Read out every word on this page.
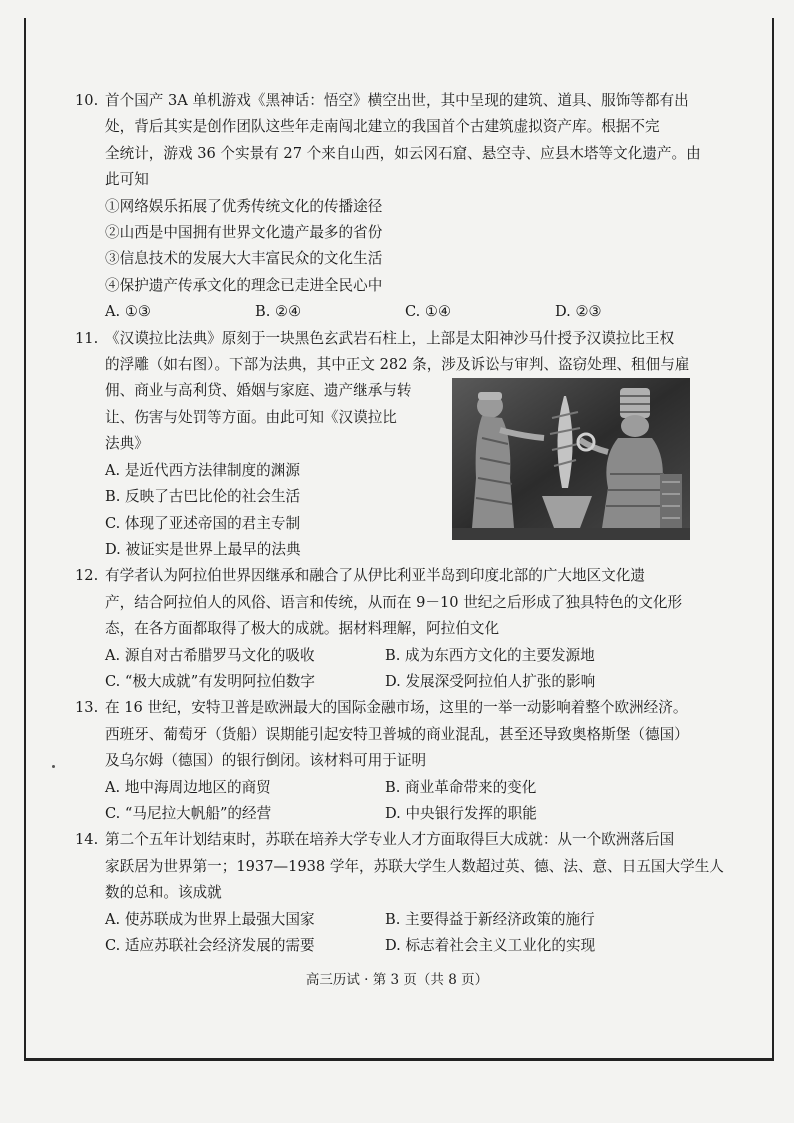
10. 首个国产 3A 单机游戏《黑神话：悟空》横空出世，其中呈现的建筑、道具、服饰等都有出
处，背后其实是创作团队这些年走南闯北建立的我国首个古建筑虚拟资产库。根据不完
全统计，游戏 36 个实景有 27 个来自山西，如云冈石窟、悬空寺、应县木塔等文化遗产。由
此可知
①网络娱乐拓展了优秀传统文化的传播途径
②山西是中国拥有世界文化遗产最多的省份
③信息技术的发展大大丰富民众的文化生活
④保护遗产传承文化的理念已走进全民心中
A. ①③	B. ②④	C. ①④	D. ②③
11. 《汉谟拉比法典》原刻于一块黑色玄武岩石柱上，上部是太阳神沙马什授予汉谟拉比王权
的浮雕（如右图）。下部为法典，其中正文 282 条，涉及诉讼与审判、盗窃处理、租佃与雇
佣、商业与高利贷、婚姻与家庭、遗产继承与转
让、伤害与处罚等方面。由此可知《汉谟拉比
法典》
A. 是近代西方法律制度的渊源
B. 反映了古巴比伦的社会生活
C. 体现了亚述帝国的君主专制
D. 被证实是世界上最早的法典
12. 有学者认为阿拉伯世界因继承和融合了从伊比利亚半岛到印度北部的广大地区文化遗
产，结合阿拉伯人的风俗、语言和传统，从而在 9－10 世纪之后形成了独具特色的文化形
态，在各方面都取得了极大的成就。据材料理解，阿拉伯文化
A. 源自对古希腊罗马文化的吸收	B. 成为东西方文化的主要发源地
C. “极大成就”有发明阿拉伯数字	D. 发展深受阿拉伯人扩张的影响
13. 在 16 世纪，安特卫普是欧洲最大的国际金融市场，这里的一举一动影响着整个欧洲经济。
西班牙、葡萄牙（货船）误期能引起安特卫普城的商业混乱，甚至还导致奥格斯堡（德国）
及乌尔姆（德国）的银行倒闭。该材料可用于证明
A. 地中海周边地区的商贸	B. 商业革命带来的变化
C. “马尼拉大帆船”的经营	D. 中央银行发挥的职能
14. 第二个五年计划结束时，苏联在培养大学专业人才方面取得巨大成就：从一个欧洲落后国
家跃居为世界第一；1937—1938 学年，苏联大学生人数超过英、德、法、意、日五国大学生人
数的总和。该成就
A. 使苏联成为世界上最强大国家	B. 主要得益于新经济政策的施行
C. 适应苏联社会经济发展的需要	D. 标志着社会主义工业化的实现
高三历试 · 第 3 页（共 8 页）
